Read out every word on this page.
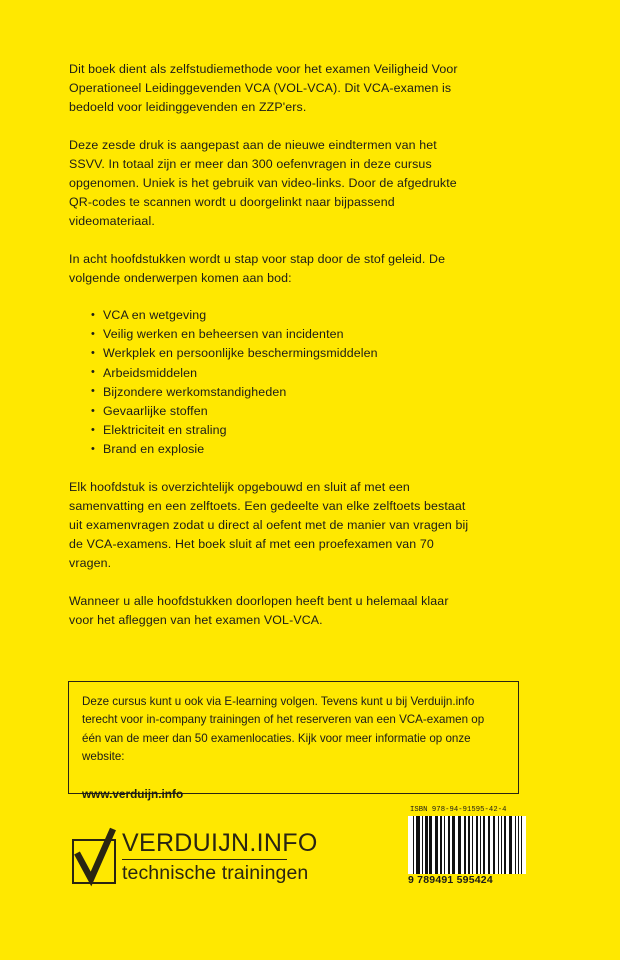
Dit boek dient als zelfstudiemethode voor het examen Veiligheid Voor Operationeel Leidinggevenden VCA (VOL-VCA). Dit VCA-examen is bedoeld voor leidinggevenden en ZZP'ers.

Deze zesde druk is aangepast aan de nieuwe eindtermen van het SSVV. In totaal zijn er meer dan 300 oefenvragen in deze cursus opgenomen. Uniek is het gebruik van video-links. Door de afgedrukte QR-codes te scannen wordt u doorgelinkt naar bijpassend videomateriaal.

In acht hoofdstukken wordt u stap voor stap door de stof geleid. De volgende onderwerpen komen aan bod:

• VCA en wetgeving
• Veilig werken en beheersen van incidenten
• Werkplek en persoonlijke beschermingsmiddelen
• Arbeidsmiddelen
• Bijzondere werkomstandigheden
• Gevaarlijke stoffen
• Elektriciteit en straling
• Brand en explosie

Elk hoofdstuk is overzichtelijk opgebouwd en sluit af met een samenvatting en een zelftoets. Een gedeelte van elke zelftoets bestaat uit examenvragen zodat u direct al oefent met de manier van vragen bij de VCA-examens. Het boek sluit af met een proefexamen van 70 vragen.

Wanneer u alle hoofdstukken doorlopen heeft bent u helemaal klaar voor het afleggen van het examen VOL-VCA.

Deze cursus kunt u ook via E-learning volgen. Tevens kunt u bij Verduijn.info terecht voor in-company trainingen of het reserveren van een VCA-examen op één van de meer dan 50 examenlocaties. Kijk voor meer informatie op onze website:

www.verduijn.info

VERDUIJN.INFO
technische trainingen
ISBN 978-94-91595-42-4
9 789491 595424
